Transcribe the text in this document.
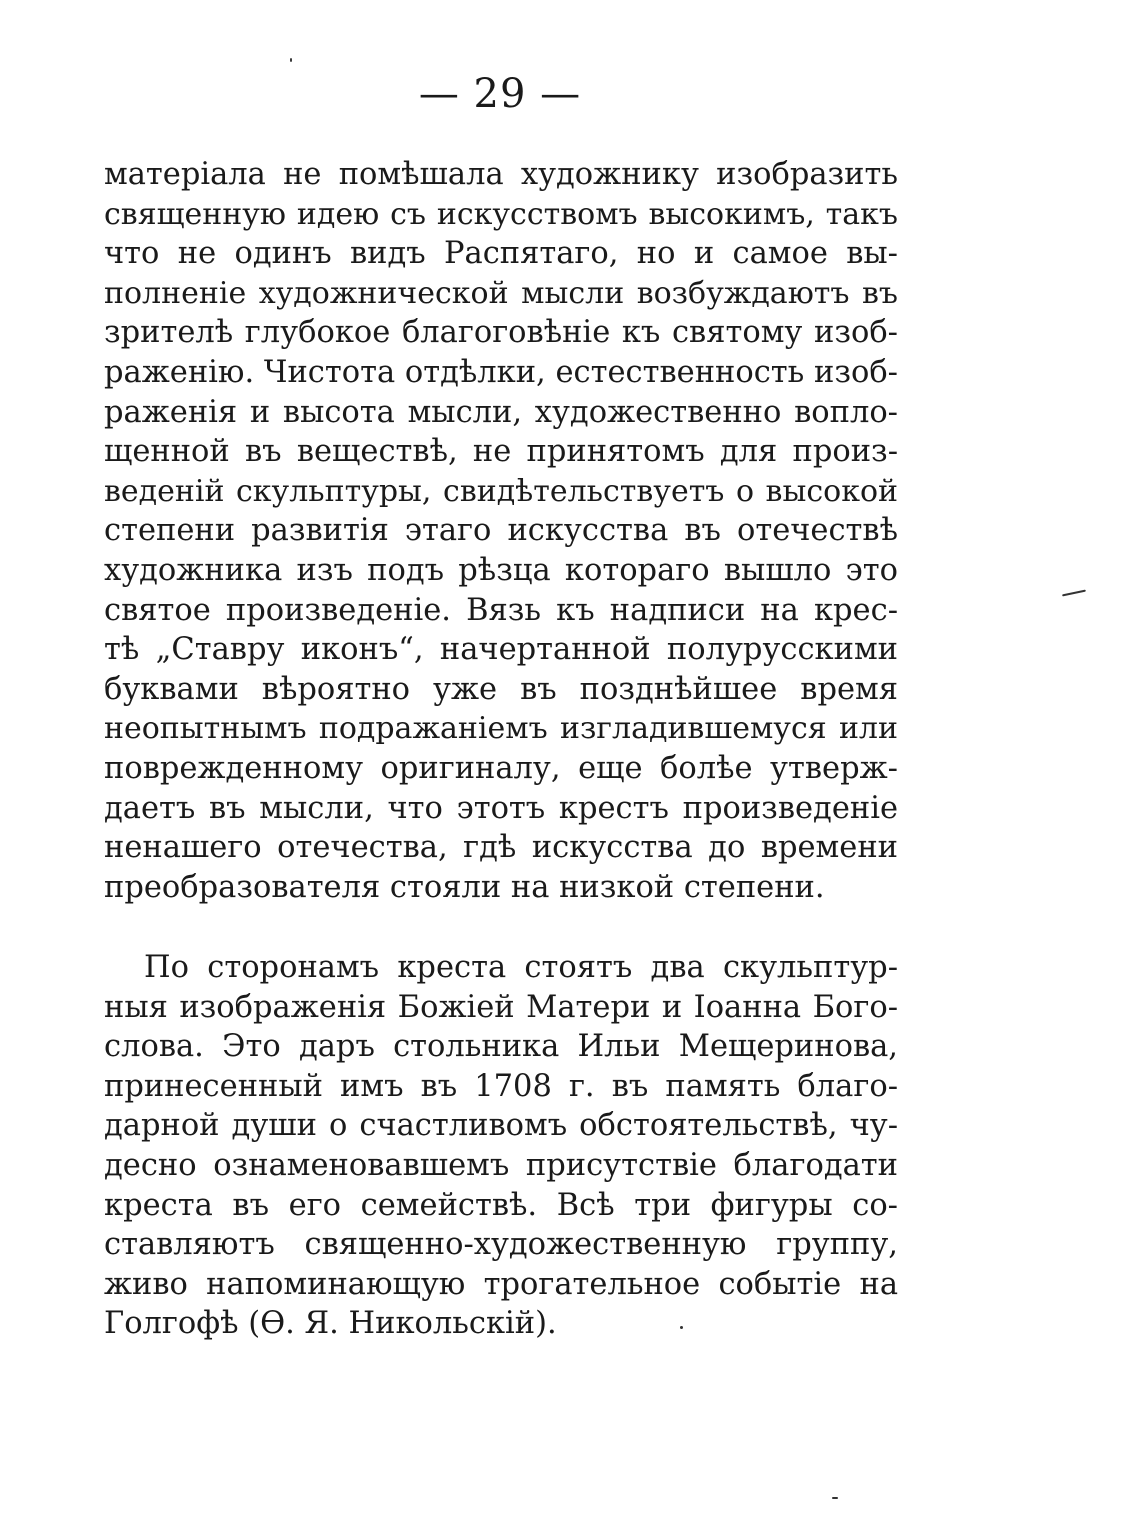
— 29 —
матеріала не помѣшала художнику изобразить
священную идею съ искусствомъ высокимъ, такъ
что не одинъ видъ Распятаго, но и самое вы-
полненіе художнической мысли возбуждаютъ въ
зрителѣ глубокое благоговѣніе къ святому изоб-
раженію. Чистота отдѣлки, естественность изоб-
раженія и высота мысли, художественно вопло-
щенной въ веществѣ, не принятомъ для произ-
веденій скульптуры, свидѣтельствуетъ о высокой
степени развитія этаго искусства въ отечествѣ
художника изъ подъ рѣзца котораго вышло это
святое произведеніе. Вязь къ надписи на крес-
тѣ „Ставру иконъ“, начертанной полурусскими
буквами вѣроятно уже въ позднѣйшее время
неопытнымъ подражаніемъ изгладившемуся или
поврежденному оригиналу, еще болѣе утверж-
даетъ въ мысли, что этотъ крестъ произведеніе
ненашего отечества, гдѣ искусства до времени
преобразователя стояли на низкой степени.
По сторонамъ креста стоятъ два скульптур-
ныя изображенія Божіей Матери и Іоанна Бого-
слова. Это даръ стольника Ильи Мещеринова,
принесенный имъ въ 1708 г. въ память благо-
дарной души о счастливомъ обстоятельствѣ, чу-
десно ознаменовавшемъ присутствіе благодати
креста въ его семействѣ. Всѣ три фигуры со-
ставляютъ священно-художественную группу,
живо напоминающую трогательное событіе на
Голгофѣ (Ѳ. Я. Никольскій).
